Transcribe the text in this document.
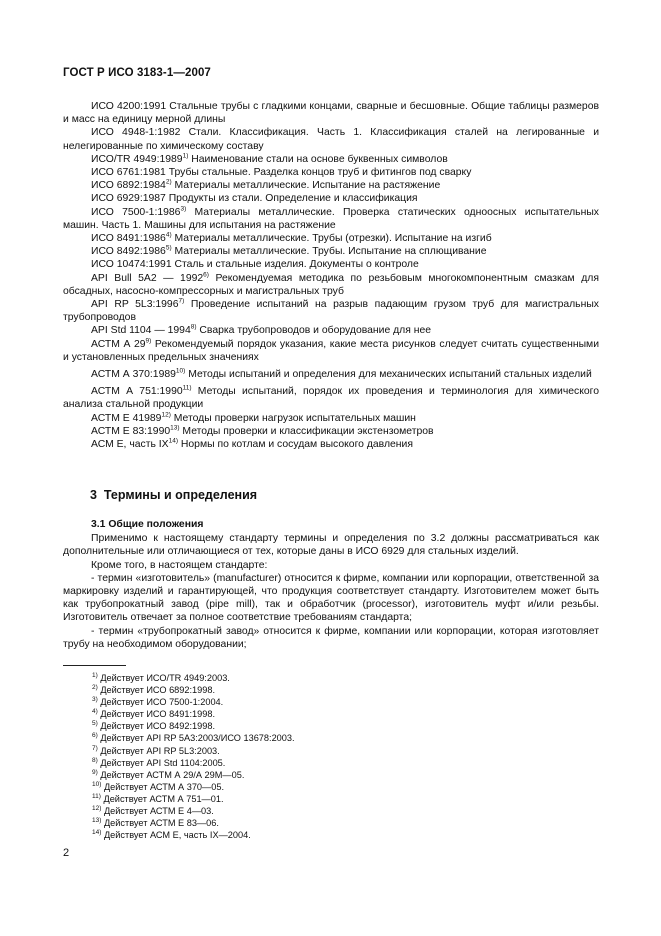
ГОСТ Р ИСО 3183-1—2007

ИСО 4200:1991 Стальные трубы с гладкими концами, сварные и бесшовные. Общие таблицы размеров и масс на единицу мерной длины

ИСО 4948-1:1982 Стали. Классификация. Часть 1. Классификация сталей на легированные и нелегированные по химическому составу

ИСО/TR 4949:1989$^{1)}$ Наименование стали на основе буквенных символов

ИСО 6761:1981 Трубы стальные. Разделка концов труб и фитингов под сварку

ИСО 6892:1984$^{2)}$ Материалы металлические. Испытание на растяжение

ИСО 6929:1987 Продукты из стали. Определение и классификация

ИСО 7500-1:1986$^{3)}$ Материалы металлические. Проверка статических одноосных испытательных машин. Часть 1. Машины для испытания на растяжение

ИСО 8491:1986$^{4)}$ Материалы металлические. Трубы (отрезки). Испытание на изгиб

ИСО 8492:1986$^{5)}$ Материалы металлические. Трубы. Испытание на сплющивание

ИСО 10474:1991 Сталь и стальные изделия. Документы о контроле

API Bull 5A2 — 1992$^{6)}$ Рекомендуемая методика по резьбовым многокомпонентным смазкам для обсадных, насосно-компрессорных и магистральных труб

API RP 5L3:1996$^{7)}$ Проведение испытаний на разрыв падающим грузом труб для магистральных трубопроводов

API Std 1104 — 1994$^{8)}$ Сварка трубопроводов и оборудование для нее

АСТМ А 29$^{9)}$ Рекомендуемый порядок указания, какие места рисунков следует считать существенными и установленных предельных значениях

АСТМ А 370:1989$^{10)}$ Методы испытаний и определения для механических испытаний стальных изделий

АСТМ А 751:1990$^{11)}$ Методы испытаний, порядок их проведения и терминология для химического анализа стальной продукции

АСТМ Е 41989$^{12)}$ Методы проверки нагрузок испытательных машин

АСТМ Е 83:1990$^{13)}$ Методы проверки и классификации экстензометров

АСМ Е, часть IX$^{14)}$ Нормы по котлам и сосудам высокого давления

3 Термины и определения

3.1 Общие положения

Применимо к настоящему стандарту термины и определения по 3.2 должны рассматриваться как дополнительные или отличающиеся от тех, которые даны в ИСО 6929 для стальных изделий.

Кроме того, в настоящем стандарте:

- термин «изготовитель» (manufacturer) относится к фирме, компании или корпорации, ответственной за маркировку изделий и гарантирующей, что продукция соответствует стандарту. Изготовителем может быть как трубопрокатный завод (pipe mill), так и обработчик (processor), изготовитель муфт и/или резьбы. Изготовитель отвечает за полное соответствие требованиям стандарта;

- термин «трубопрокатный завод» относится к фирме, компании или корпорации, которая изготовляет трубу на необходимом оборудовании;

$^{1)}$ Действует ИСО/TR 4949:2003.

$^{2)}$ Действует ИСО 6892:1998.

$^{3)}$ Действует ИСО 7500-1:2004.

$^{4)}$ Действует ИСО 8491:1998.

$^{5)}$ Действует ИСО 8492:1998.

$^{6)}$ Действует API RP 5A3:2003/ИСО 13678:2003.

$^{7)}$ Действует API RP 5L3:2003.

$^{8)}$ Действует API Std 1104:2005.

$^{9)}$ Действует АСТМ А 29/А 29М—05.

$^{10)}$ Действует АСТМ А 370—05.

$^{11)}$ Действует АСТМ А 751—01.

$^{12)}$ Действует АСТМ Е 4—03.

$^{13)}$ Действует АСТМ Е 83—06.

$^{14)}$ Действует АСМ Е, часть IX—2004.

2
